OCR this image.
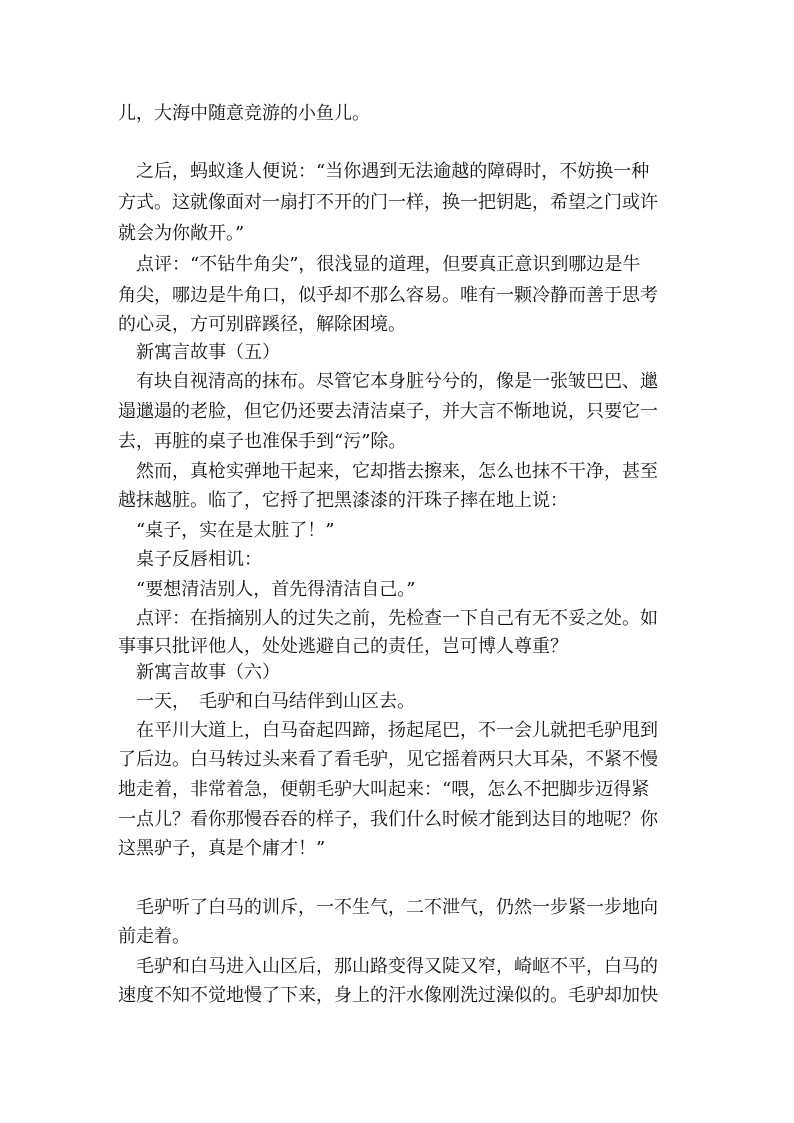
儿，大海中随意竞游的小鱼儿。
　之后，蚂蚁逢人便说：“当你遇到无法逾越的障碍时，不妨换一种
方式。这就像面对一扇打不开的门一样，换一把钥匙，希望之门或许
就会为你敞开。”
　点评：“不钻牛角尖”，很浅显的道理，但要真正意识到哪边是牛
角尖，哪边是牛角口，似乎却不那么容易。唯有一颗冷静而善于思考
的心灵，方可别辟蹊径，解除困境。
　新寓言故事（五）
　有块自视清高的抹布。尽管它本身脏兮兮的，像是一张皱巴巴、邋
遢邋遢的老脸，但它仍还要去清洁桌子，并大言不惭地说，只要它一
去，再脏的桌子也准保手到“污”除。
　然而，真枪实弹地干起来，它却揩去擦来，怎么也抹不干净，甚至
越抹越脏。临了，它捋了把黑漆漆的汗珠子摔在地上说：
　“桌子，实在是太脏了！”
　桌子反唇相讥：
　“要想清洁别人，首先得清洁自己。”
　点评：在指摘别人的过失之前，先检查一下自己有无不妥之处。如
事事只批评他人，处处逃避自己的责任，岂可博人尊重？
　新寓言故事（六）
　一天，　毛驴和白马结伴到山区去。
　在平川大道上，白马奋起四蹄，扬起尾巴，不一会儿就把毛驴甩到
了后边。白马转过头来看了看毛驴，见它摇着两只大耳朵，不紧不慢
地走着，非常着急，便朝毛驴大叫起来：“喂，怎么不把脚步迈得紧
一点儿？看你那慢吞吞的样子，我们什么时候才能到达目的地呢？你
这黑驴子，真是个庸才！”
　毛驴听了白马的训斥，一不生气，二不泄气，仍然一步紧一步地向
前走着。
　毛驴和白马进入山区后，那山路变得又陡又窄，崎岖不平，白马的
速度不知不觉地慢了下来，身上的汗水像刚洗过澡似的。毛驴却加快
